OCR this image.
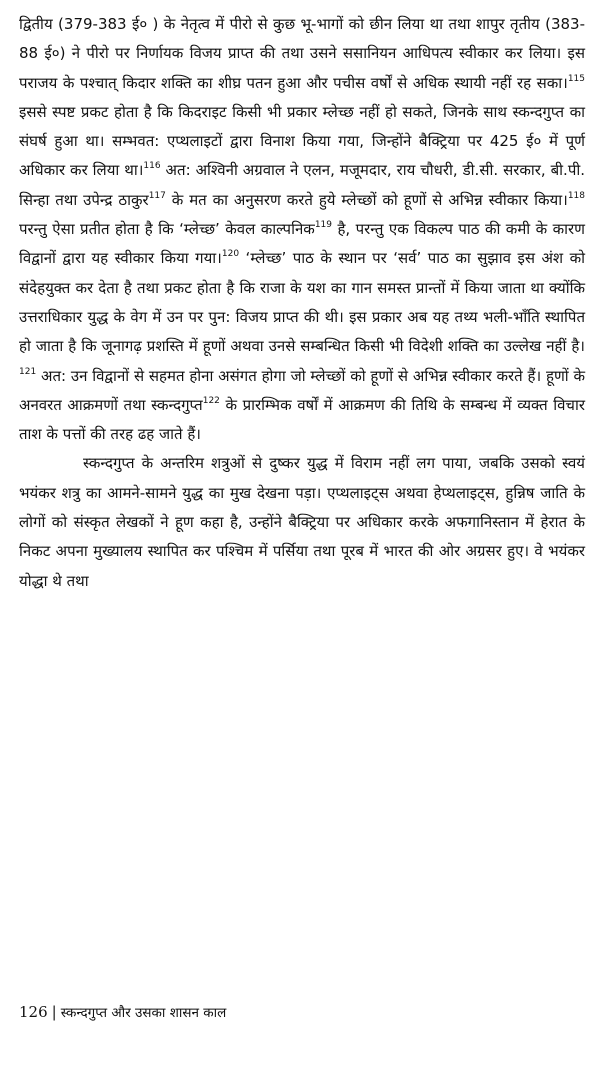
द्वितीय (379-383 ई० ) के नेतृत्व में पीरो से कुछ भू-भागों को छीन लिया था तथा शापुर तृतीय (383-88 ई०) ने पीरो पर निर्णायक विजय प्राप्त की तथा उसने ससानियन आधिपत्य स्वीकार कर लिया। इस पराजय के पश्चात् किदार शक्ति का शीघ्र पतन हुआ और पचीस वर्षों से अधिक स्थायी नहीं रह सका।$^{115}$ इससे स्पष्ट प्रकट होता है कि किदराइट किसी भी प्रकार म्लेच्छ नहीं हो सकते, जिनके साथ स्कन्दगुप्त का संघर्ष हुआ था। सम्भवत: एप्थलाइटों द्वारा विनाश किया गया, जिन्होंने बैक्ट्रिया पर 425 ई० में पूर्ण अधिकार कर लिया था।$^{116}$ अत: अश्विनी अग्रवाल ने एलन, मजूमदार, राय चौधरी, डी.सी. सरकार, बी.पी. सिन्हा तथा उपेन्द्र ठाकुर$^{117}$ के मत का अनुसरण करते हुये म्लेच्छों को हूणों से अभिन्न स्वीकार किया।$^{118}$ परन्तु ऐसा प्रतीत होता है कि ‘म्लेच्छ’ केवल काल्पनिक$^{119}$ है, परन्तु एक विकल्प पाठ की कमी के कारण विद्वानों द्वारा यह स्वीकार किया गया।$^{120}$ ‘म्लेच्छ’ पाठ के स्थान पर ‘सर्व’ पाठ का सुझाव इस अंश को संदेहयुक्त कर देता है तथा प्रकट होता है कि राजा के यश का गान समस्त प्रान्तों में किया जाता था क्योंकि उत्तराधिकार युद्ध के वेग में उन पर पुन: विजय प्राप्त की थी। इस प्रकार अब यह तथ्य भली-भाँति स्थापित हो जाता है कि जूनागढ़ प्रशस्ति में हूणों अथवा उनसे सम्बन्धित किसी भी विदेशी शक्ति का उल्लेख नहीं है।$^{121}$ अत: उन विद्वानों से सहमत होना असंगत होगा जो म्लेच्छों को हूणों से अभिन्न स्वीकार करते हैं। हूणों के अनवरत आक्रमणों तथा स्कन्दगुप्त$^{122}$ के प्रारम्भिक वर्षों में आक्रमण की तिथि के सम्बन्ध में व्यक्त विचार ताश के पत्तों की तरह ढह जाते हैं।

स्कन्दगुप्त के अन्तरिम शत्रुओं से दुष्कर युद्ध में विराम नहीं लग पाया, जबकि उसको स्वयं भयंकर शत्रु का आमने-सामने युद्ध का मुख देखना पड़ा। एप्थलाइट्स अथवा हेप्थलाइट्स, हुन्निष जाति के लोगों को संस्कृत लेखकों ने हूण कहा है, उन्होंने बैक्ट्रिया पर अधिकार करके अफगानिस्तान में हेरात के निकट अपना मुख्यालय स्थापित कर पश्चिम में पर्सिया तथा पूरब में भारत की ओर अग्रसर हुए। वे भयंकर योद्धा थे तथा

126 | स्कन्दगुप्त और उसका शासन काल
